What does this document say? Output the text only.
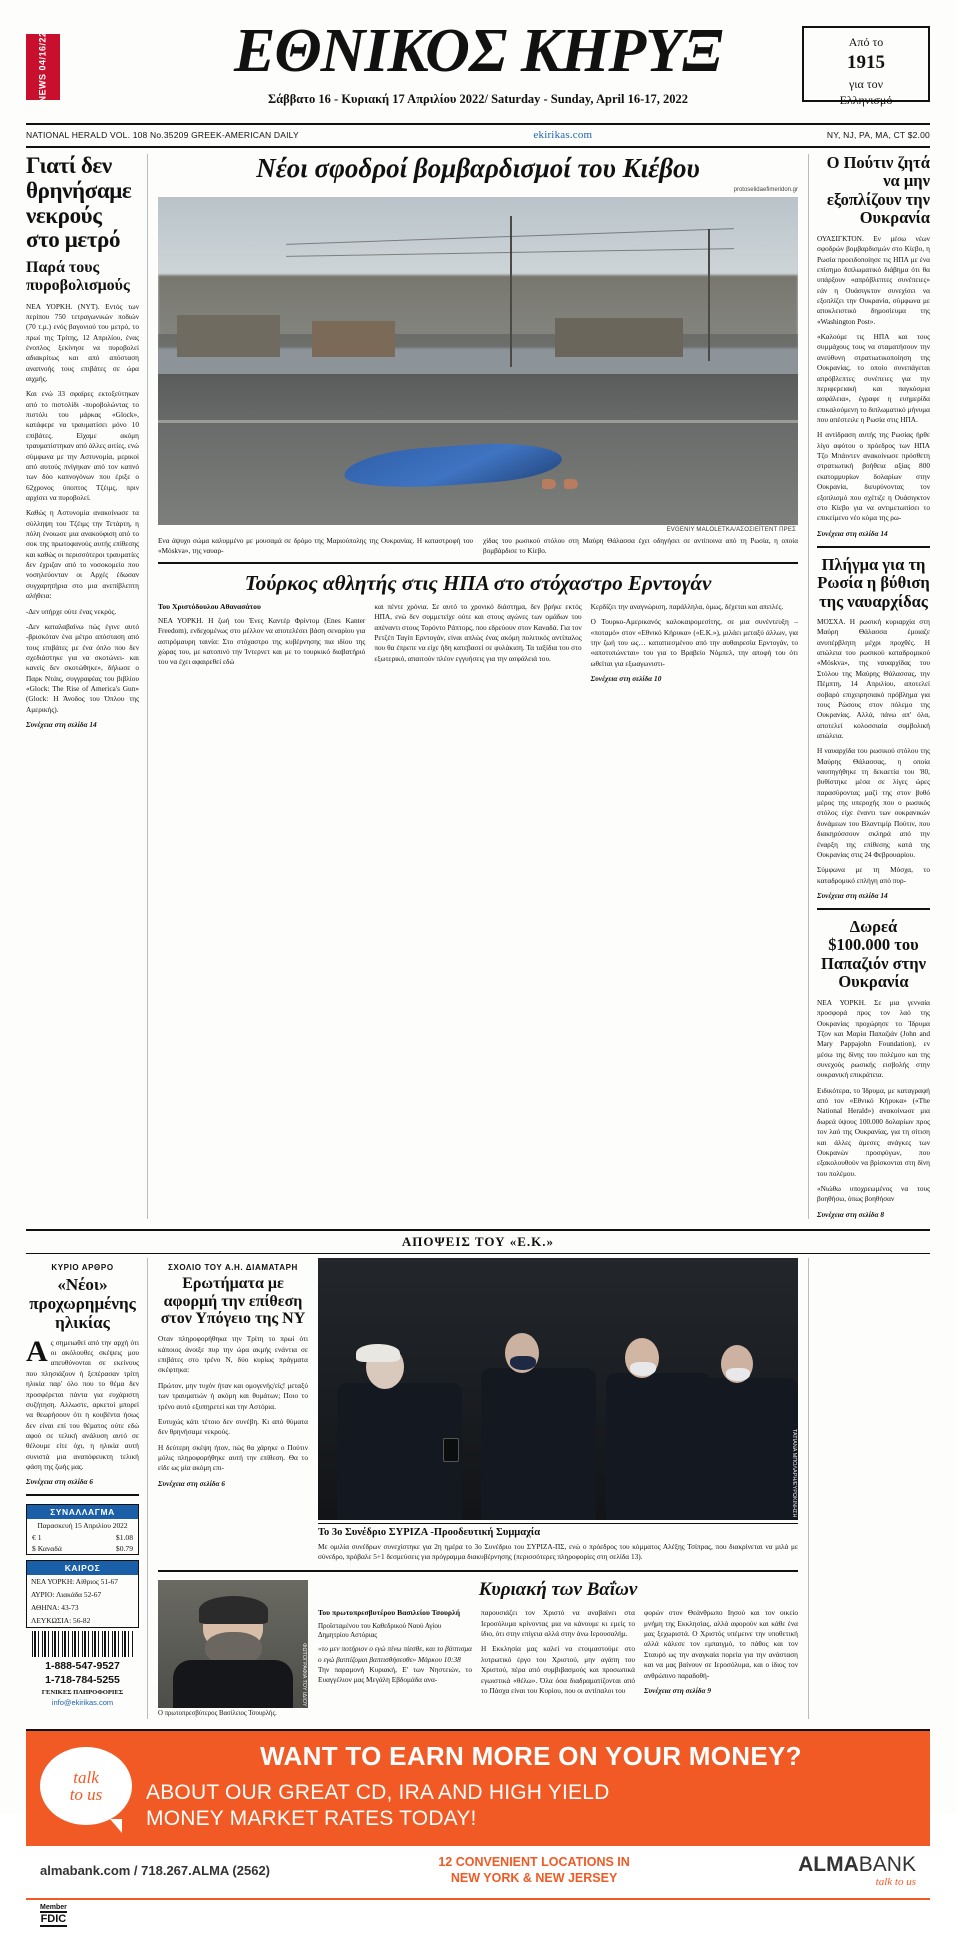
NEWS 04/16/22	Από το
1915
για τον
Ελληνισμό
ΕΘΝΙΚΟΣ ΚΗΡΥΞ
Σάββατο 16 - Κυριακή 17 Απριλίου 2022/ Saturday - Sunday, April 16-17, 2022
NATIONAL HERALD VOL. 108 No.35209 GREEK-AMERICAN DAILY	ekirikas.com	ΝΥ, ΝJ, ΡΑ, ΜΑ, CT $2.00
Γιατί δεν θρηνήσαμε νεκρούς στο μετρό
Παρά τους πυροβολισμούς

ΝΕΑ ΥΟΡΚΗ. (ΝΥΤ). Εντός των περίπου 750 τετραγωνικών ποδιών (70 τ.μ.) ενός βαγονιού του μετρό, το πρωί της Τρίτης, 12 Απριλίου, ένας ένοπλος ξεκίνησε να πυροβολεί αδιακρίτως και από απόσταση αναπνοής τους επιβάτες σε ώρα αιχμής.

Και ενώ 33 σφαίρες εκτοξεύτηκαν από το πιστολίδι -πυροβολώντας το πιστόλι του μάρκας «Glock», κατάφερε να τραυματίσει μόνο 10 επιβάτες. Είχαμε ακόμη τραυματίστηκαν από άλλες αιτίες, ενώ σύμφωνα με την Αστυνομία, μερικοί από αυτούς πνίγηκαν από τον καπνό των δύο καπνογόνων που έριξε ο 62χρονος ύποπτος Τζέιμς, πριν αρχίσει να πυροβολεί.

Καθώς η Αστυνομία ανακοίνωσε τα σύλληψη του Τζέιμς την Τετάρτη, η πόλη ένοιωσε μια ανακούφιση από το σοκ της πρωτοφανούς αυτής επίθεσης και καθώς οι περισσότεροι τραυματίες δεν έχριζαν από το νοσοκομείο που νοσηλεύονταν οι Αρχές έδωσαν συγχαρητήρια στο μια ανεπίβλεπτη αλήθεια:

-Δεν υπήρχε ούτε ένας νεκρός.

-Δεν καταλαβαίνω πώς έγινε αυτό -βρισκόταν ένα μέτρο απόσταση από τους επιβάτες με ένα όπλο που δεν σχεδιάστηκε για να σκοτώνει- και κανείς δεν σκοτώθηκε», δήλωσε ο Παρκ Ντάις, συγγραφέας του βιβλίου «Glock: The Rise of America's Gun» (Glock: Η Άνοδος του Όπλου της Αμερικής).

Συνέχεια στη σελίδα 14
Νέοι σφοδροί βομβαρδισμοί του Κιέβου
protoselidaefimeridon.gr
EVGENIY MALOLETKA/ΑΣΟΣΙΕΪΤΕΝΤ ΠΡΕΣ
Ενα άψυχο σώμα καλυμμένο με μουσαμά σε δρόμο της Μαριούπολης της Ουκρανίας. Η καταστροφή του «Μόskva», της ναυαρ-
χίδας του ρωσικού στόλου στη Μαύρη Θάλασσα έχει οδηγήσει σε αντίποινα από τη Ρωσία, η οποία βομβάρδισε το Κίεβο.
Τούρκος αθλητής στις ΗΠΑ στο στόχαστρο Ερντογάν
Του Χριστόδουλου Αθανασάτου

ΝΕΑ ΥΟΡΚΗ. Η ζωή του Ένες Καντέρ Φρίντομ (Enes Kanter Freedom), ενδεχομένως στο μέλλον να αποτελέσει βάση σεναρίου για ασπρόμαυρη ταινία: Στο στόχαστρο της κυβέρνησης πια ιδίου της χώρας του, με κατοπινό την Ίντερνετ και με το τουρκικό διαβατήριό του να έχει αφαιρεθεί εδώ

και πέντε χρόνια. Σε αυτό το χρονικό διάστημα, δεν βρήκε εκτός ΗΠΑ, ενώ δεν συμμετείχε ούτε και στους αγώνες των ομάδων του απέναντι στους Τορόντο Ράπτορς, που εδρεύουν στον Καναδά. Για τον Ρετζέπ Ταγίπ Ερντογάν, είναι απλώς ένας ακόμη πολιτικός αντίπαλος που θα έπρεπε να είχε ήδη κατεβασεί σε φυλάκιση. Τα ταξίδια του στο εξωτερικό, απαιτούν πλέον εγγυήσεις για την ασφάλειά του.

Κερδίζει την αναγνώριση, παράλληλα, όμως, δέχεται και απειλές.

Ο Τουρκο-Αμερικανός καλοκαιρομεσίτης, σε μια συνέντευξη – «ποταμό» στον «Εθνικό Κήρυκα» («Ε.Κ.»), μιλάει μεταξύ άλλων, για την ζωή του ως… καταπιεσμένου από την αυθαιρεσία Ερντογάν, το «αποτυπώνεται» του για το Βραβείο Νόμπελ, την αποφή του ότι ωθείται για εξωαγωνιστι-

Συνέχεια στη σελίδα 10
Ο Πούτιν ζητά να μην εξοπλίζουν την Ουκρανία

ΟΥΑΣΙΓΚΤΟΝ. Εν μέσω νέων σφοδρών βομβαρδισμών στο Κίεβο, η Ρωσία προειδοποίησε τις ΗΠΑ με ένα επίσημο διπλωματικό διάβημα ότι θα υπάρξουν «απρόβλεπτες συνέπειες» εάν η Ουάσιγκτον συνεχίσει να εξοπλίζει την Ουκρανία, σύμφωνα με αποκλειστικό δημοσίευμα της «Washington Post».

«Καλούμε τις ΗΠΑ και τους συμμάχους τους να σταματήσουν την ανεύθυνη στρατιωτικοποίηση της Ουκρανίας, το οποίο συνεπάγεται απρόβλεπτες συνέπειες για την περιφερειακή και παγκόσμια ασφάλεια», έγραφε η ευημερίδα επικαλούμενη το διπλωματικό μήνυμα που απέστειλε η Ρωσία στις ΗΠΑ.

Η αντίδραση αυτής της Ρωσίας ήρθε λίγο αφότου ο πρόεδρος των ΗΠΑ Τζο Μπάιντεν ανακοίνωσε πρόσθετη στρατιωτική βοήθεια αξίας 800 εκατομμυρίων δολαρίων στην Ουκρανία, διευρύνοντας τον εξοπλισμό που σχέτιζε η Ουάσιγκτον στο Κίεβο για να αντιμετωπίσει το επικείμενο νέο κύμα της ρω-

Συνέχεια στη σελίδα 14
Πλήγμα για τη Ρωσία η βύθιση της ναυαρχίδας

ΜΟΣΧΑ. Η ρωσική κυριαρχία στη Μαύρη Θάλασσα έμοιαζε ανυπέρβλητη μέχρι προχθές. Η απώλεια του ρωσικού καταδρομικού «Μόskva», της ναυαρχίδας του Στόλου της Μαύρης Θάλασσας, την Πέμπτη, 14 Απριλίου, αποτελεί σοβαρό επιχειρησιακό πρόβλημα για τους Ρώσους στον πόλεμο της Ουκρανίας. Αλλά, πάνω απ' όλα, αποτελεί κολοσσιαία συμβολική απώλεια.

Η ναυαρχίδα του ρωσικού στόλου της Μαύρης Θάλασσας, η οποία ναυπηγήθηκε τη δεκαετία του '80, βυθίστηκε μέσα σε λίγες ώρες παρασύροντας μαζί της στον βυθό μέρος της υπεροχής που ο ρωσικός στόλος είχε έναντι των ουκρανικών δυνάμεων του Βλαντιμίρ Πούτιν, που διακηρύσσουν σκληρά από την έναρξη της επίθεσης κατά της Ουκρανίας στις 24 Φεβρουαρίου.

Σύμφωνα με τη Μόσχα, το καταδρομικό επλήγη από πυρ-

Συνέχεια στη σελίδα 14
Δωρεά $100.000 του Παπαζιόν στην Ουκρανία

ΝΕΑ ΥΟΡΚΗ. Σε μια γενναία προσφορά προς τον λαό της Ουκρανίας προχώρησε το Ίδρυμα Τζον και Μαρία Παπαζιάν (John and Mary Pappajohn Foundation), εν μέσω της δίνης του πολέμου και της συνεχούς ρωσικής εισβολής στην ουκρανική επικράτεια.

Ειδικότερα, το Ίδρυμα, με καταγραφή από τον «Εθνικό Κήρυκα» («The National Herald») ανακοίνωσε μια δωρεά ύψους 100.000 δολαρίων προς τον λαό της Ουκρανίας, για τη σίτιση και άλλες άμεσες ανάγκες των Ουκρανών προσφύγων, που εξακολουθούν να βρίσκονται στη δίνη του πολέμου.

«Νιώθω υποχρεωμένος να τους βοηθήσω, όπως βοηθήσαν

Συνέχεια στη σελίδα 8
ΑΠΟΨΕΙΣ ΤΟΥ «Ε.Κ.»
ΚΥΡΙΟ ΑΡΘΡΟ
«Νέοι» προχωρημένης ηλικίας

Ας σημειωθεί από την αρχή ότι οι ακόλουθες σκέψεις μου απευθύνονται σε εκείνους που πλησιάζουν ή ξεπέρασαν τρίτη ηλικία παρ' όλο που το θέμα δεν προσφέρεται πάντα για ευχάριστη συζήτηση. Αλλωστε, αρκετοί μπορεί να θεωρήσουν ότι η κουβέντα ήσως δεν είναι επί του θέματος ούτε εδώ αφού σε τελική ανάλυση αυτό σε θέλουμε είτε όχι, η ηλικία αυτή συνιστά μια αναπόφευκτη τελική φάση της ζωής μας.

Συνέχεια στη σελίδα 6
ΣΥΝΑΛΛΑΓΜΑ
Παρασκευή 15 Απριλίου 2022
€ 1	$1.08
$ Καναδά	$0.79
ΚΑΙΡΟΣ
ΝΕΑ ΥΟΡΚΗ: Αίθριος 51-67
ΑΥΡΙΟ: Λιακάδα 52-67
ΑΘΗΝΑ: 43-73
ΛΕΥΚΩΣΙΑ: 56-82
1-888-547-9527
1-718-784-5255
ΓΕΝΙΚΕΣ ΠΛΗΡΟΦΟΡΙΕΣ
info@ekirikas.com
ΣΧΟΛΙΟ ΤΟΥ Α.Η. ΔΙΑΜΑΤΑΡΗ
Ερωτήματα με αφορμή την επίθεση στον Υπόγειο της ΝΥ

Οταν πληροφορήθηκα την Τρίτη το πρωί ότι κάποιος άνοιξε πυρ την ώρα ακμής ενάντια σε επιβάτες στο τρένο Ν, δύο κυρίως πράγματα σκέφτηκα:

Πρώτον, μην τυχόν ήταν και ομογενής/είς! μεταξύ των τραυματιών ή ακόμη και θυμάτων; Ποιο το τρένο αυτό εξυπηρετεί και την Αστόρια.

Ευτυχώς κάτι τέτοιο δεν συνέβη. Κι από θύματα δεν θρηνήσαμε νεκρούς.

Η δεύτερη σκέψη ήταν, πώς θα χάρηκε ο Πούτιν μόλις πληροφορήθηκε αυτή την επίθεση. Θα το είδε ως μία ακόμη επι-

Συνέχεια στη σελίδα 6	ΤΑΤΙΑΝΑ ΜΠΟΛΑΡΗ/ΕΥΡΩΚΙΝΗΣΗ
Το 3ο Συνέδριο ΣΥΡΙΖΑ -Προοδευτική Συμμαχία
Με ομιλία συνέδρων συνεχίστηκε για 2η ημέρα το 3ο Συνέδριο του ΣΥΡΙΖΑ-ΠΣ, ενώ ο πρόεδρος του κόμματος Αλέξης Τσίπρας, που διακρίνεται να μιλά με σύνεδρο, πρόβαλε 5+1 δεσμεύσεις για πρόγραμμα διακυβέρνησης (περισσότερες πληροφορίες στη σελίδα 13).
ΦΩΤΟΓΡΑΦΙΑ ΤΟΥ ΙΔΙΟΥ
Ο πρωτοπρεσβύτερος Βασίλειος Τσουρλής.
Κυριακή των Βαΐων
Του πρωτοπρεσβυτέρου Βασιλείου Τσουρλή
Προϊσταμένου του Καθεδρικού Ναού Αγίου Δημητρίου Αστόριας
«το μεν ποτήριον ο εγώ πίνω πίεσθε, και το βάπτισμα ο εγώ βαπτίζομαι βαπτισθήσεσθε» Μάρκου 10:38

Την παραμονή Κυριακή, Ε' των Νηστειών, το Ευαγγέλιον μας Μεγάλη Εβδομάδα ανα-

παρουσιάζει τον Χριστό να αναβαίνει στα Ιεροσόλυμα κρίνοντας μια να κάνουμε κι εμείς το ίδιο, ότι στην επίγεια αλλά στην άνω Ιερουσαλήμ.

Η Εκκλησία μας καλεί να ετοιμαστούμε στο λυτρωτικό έργο του Χριστού, μην αγάπη του Χριστού, πέρα από συμβιβασμούς και προσωπικά εγωιστικά «θέλω». Όλα όσα διαδραματίζονται από το Πάσχα είναι του Κυρίου, που οι αντίπαλοι του

φορών στον Θεάνθρωπο Ιησού και τον οικείο μνήμη της Εκκλησίας, αλλά αφορούν και κάθε ένα μας ξεχωριστά. Ο Χριστός υπέμεινε την υποθετική αλλά κάλεσε τον εμπαιγμό, το πάθος και τον Σταυρό ως την αναγκαία πορεία για την ανάσταση και να μας βαίνουν σε Ιεροσόλυμα, και ο ίδιος τον ανθρώπινο παραδοθή-

Συνέχεια στη σελίδα 9
talk
to us
WANT TO EARN MORE ON YOUR MONEY?
ABOUT OUR GREAT CD, IRA AND HIGH YIELD
MONEY MARKET RATES TODAY!
almabank.com / 718.267.ALMA (2562)
12 CONVENIENT LOCATIONS IN
NEW YORK & NEW JERSEY
ALMABANK
talk to us
Member
FDIC
